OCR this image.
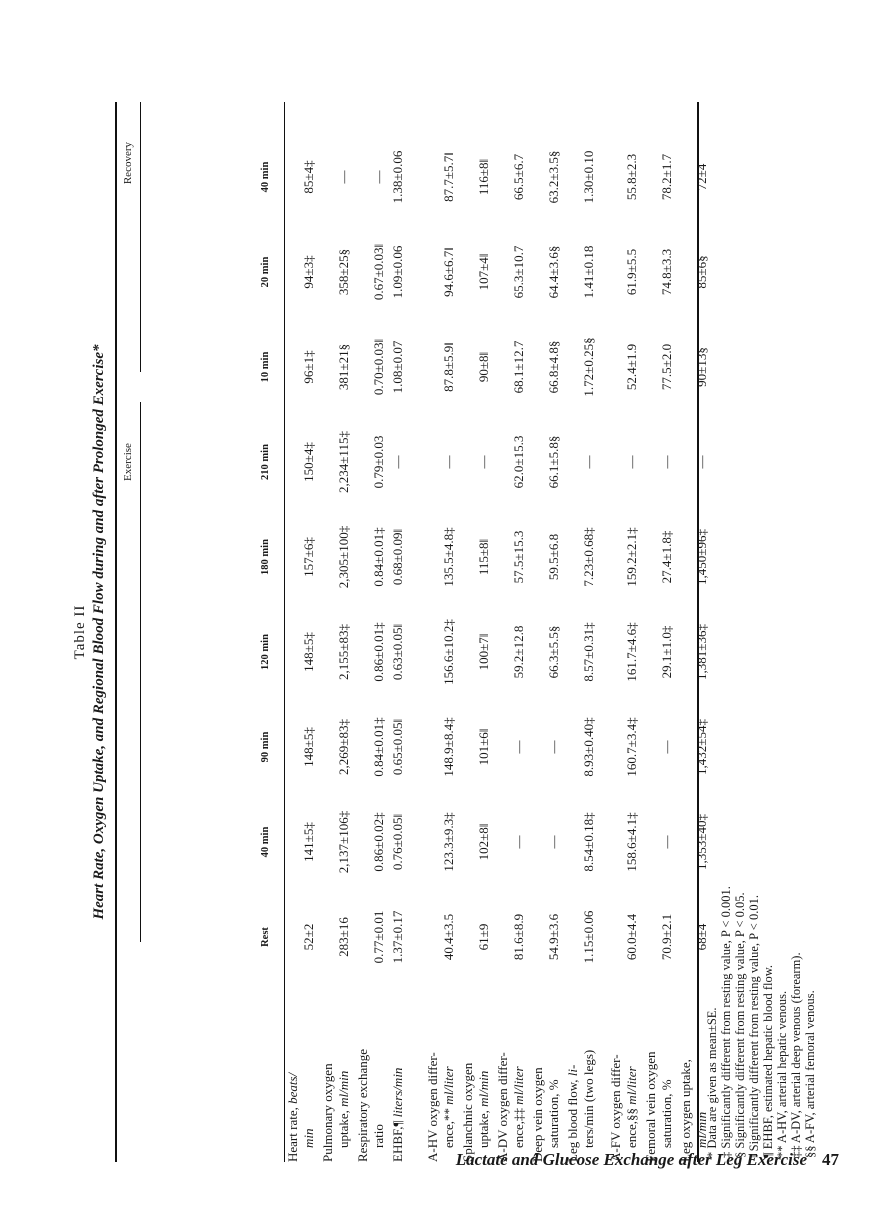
Table II Heart Rate, Oxygen Uptake, and Regional Blood Flow during and after Prolonged Exercise* Exercise
Recovery
Rest
40 min
90 min
120 min
180 min
210 min
10 min
20 min
40 min
Heart rate, beats/
min
52±2
141±5‡
148±5‡
148±5‡
157±6‡
150±4‡
96±1‡
94±3‡
85±4‡
Pulmonary oxygen uptake, ml/min
283±16
2,137±106‡
2,269±83‡
2,155±83‡
2,305±100‡
2,234±115‡
381±21§
358±25§
—
Respiratory exchange ratio
0.77±0.01
0.86±0.02‡
0.84±0.01‡
0.86±0.01‡
0.84±0.01‡
0.79±0.03
0.70±0.03‖
0.67±0.03‖
—
EHBF,¶ liters/min
1.37±0.17
0.76±0.05‖
0.65±0.05‖
0.63±0.05‖
0.68±0.09‖
—
1.08±0.07
1.09±0.06
1.38±0.06
A-HV oxygen differ- ence,** ml/liter
40.4±3.5
123.3±9.3‡
148.9±8.4‡
156.6±10.2‡
135.5±4.8‡
—
87.8±5.9‖
94.6±6.7‖
87.7±5.7‖
Splanchnic oxygen uptake, ml/min
61±9
102±8‖
101±6‖
100±7‖
115±8‖
—
90±8‖
107±4‖
116±8‖
A-DV oxygen differ- ence,‡‡ ml/liter
81.6±8.9
—
—
59.2±12.8
57.5±15.3
62.0±15.3
68.1±12.7
65.3±10.7
66.5±6.7
Deep vein oxygen saturation, %
54.9±3.6
—
—
66.3±5.5§
59.5±6.8
66.1±5.8§
66.8±4.8§
64.4±3.6§
63.2±3.5§
Leg blood flow, li- ters/min (two legs)
1.15±0.06
8.54±0.18‡
8.93±0.40‡
8.57±0.31‡
7.23±0.68‡
—
1.72±0.25§
1.41±0.18
1.30±0.10
A-FV oxygen differ- ence,§§ ml/liter
60.0±4.4
158.6±4.1‡
160.7±3.4‡
161.7±4.6‡
159.2±2.1‡
—
52.4±1.9
61.9±5.5
55.8±2.3
Femoral vein oxygen saturation, %
70.9±2.1
—
—
29.1±1.0‡
27.4±1.8‡
—
77.5±2.0
74.8±3.3
78.2±1.7
Leg oxygen uptake, ml/min
68±4
1,353±40‡
1,432±54‡
1,381±36‡
1,450±96‡
—
90±13§
85±6§
72±4
* Data are given as mean±SE. ‡ Significantly different from resting value, P < 0.001. § Significantly different from resting value, P < 0.05. ‖ Significantly different from resting value, P < 0.01. ¶ EHBF, estimated hepatic blood flow. ** A-HV, arterial hepatic venous. ‡‡ A-DV, arterial deep venous (forearm). §§ A-FV, arterial femoral venous.
47
Lactate and Glucose Exchange after Leg Exercise
